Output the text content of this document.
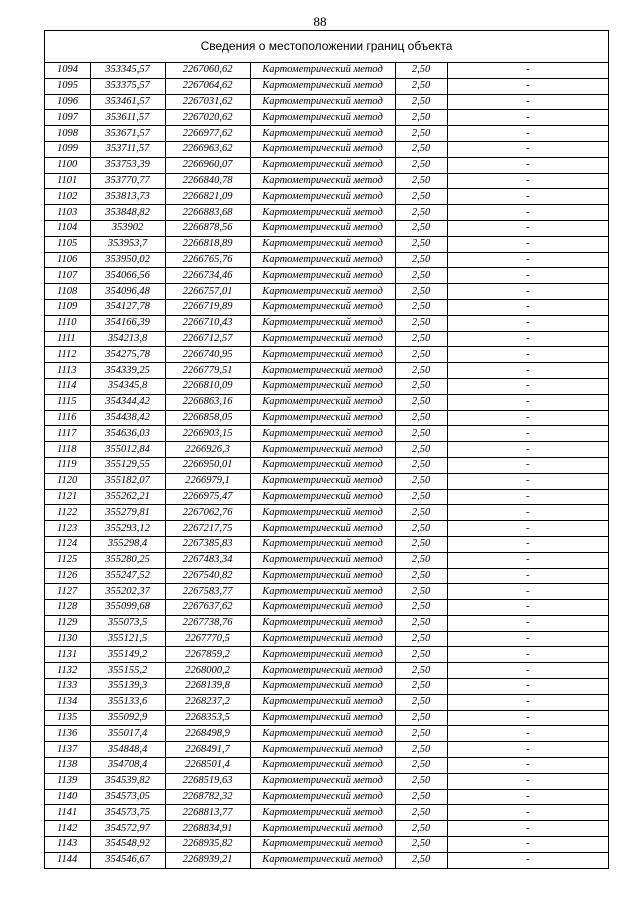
88
Сведения о местоположении границ объекта
1094	353345,57	2267060,62	Картометрический метод	2,50	-
1095	353375,57	2267064,62	Картометрический метод	2,50	-
1096	353461,57	2267031,62	Картометрический метод	2,50	-
1097	353611,57	2267020,62	Картометрический метод	2,50	-
1098	353671,57	2266977,62	Картометрический метод	2,50	-
1099	353711,57	2266963,62	Картометрический метод	2,50	-
1100	353753,39	2266960,07	Картометрический метод	2,50	-
1101	353770,77	2266840,78	Картометрический метод	2,50	-
1102	353813,73	2266821,09	Картометрический метод	2,50	-
1103	353848,82	2266883,68	Картометрический метод	2,50	-
1104	353902	2266878,56	Картометрический метод	2,50	-
1105	353953,7	2266818,89	Картометрический метод	2,50	-
1106	353950,02	2266765,76	Картометрический метод	2,50	-
1107	354066,56	2266734,46	Картометрический метод	2,50	-
1108	354096,48	2266757,01	Картометрический метод	2,50	-
1109	354127,78	2266719,89	Картометрический метод	2,50	-
1110	354166,39	2266710,43	Картометрический метод	2,50	-
1111	354213,8	2266712,57	Картометрический метод	2,50	-
1112	354275,78	2266740,95	Картометрический метод	2,50	-
1113	354339,25	2266779,51	Картометрический метод	2,50	-
1114	354345,8	2266810,09	Картометрический метод	2,50	-
1115	354344,42	2266863,16	Картометрический метод	2,50	-
1116	354438,42	2266858,05	Картометрический метод	2,50	-
1117	354636,03	2266903,15	Картометрический метод	2,50	-
1118	355012,84	2266926,3	Картометрический метод	2,50	-
1119	355129,55	2266950,01	Картометрический метод	2,50	-
1120	355182,07	2266979,1	Картометрический метод	2,50	-
1121	355262,21	2266975,47	Картометрический метод	2,50	-
1122	355279,81	2267062,76	Картометрический метод	2,50	-
1123	355293,12	2267217,75	Картометрический метод	2,50	-
1124	355298,4	2267385,83	Картометрический метод	2,50	-
1125	355280,25	2267483,34	Картометрический метод	2,50	-
1126	355247,52	2267540,82	Картометрический метод	2,50	-
1127	355202,37	2267583,77	Картометрический метод	2,50	-
1128	355099,68	2267637,62	Картометрический метод	2,50	-
1129	355073,5	2267738,76	Картометрический метод	2,50	-
1130	355121,5	2267770,5	Картометрический метод	2,50	-
1131	355149,2	2267859,2	Картометрический метод	2,50	-
1132	355155,2	2268000,2	Картометрический метод	2,50	-
1133	355139,3	2268139,8	Картометрический метод	2,50	-
1134	355133,6	2268237,2	Картометрический метод	2,50	-
1135	355092,9	2268353,5	Картометрический метод	2,50	-
1136	355017,4	2268498,9	Картометрический метод	2,50	-
1137	354848,4	2268491,7	Картометрический метод	2,50	-
1138	354708,4	2268501,4	Картометрический метод	2,50	-
1139	354539,82	2268519,63	Картометрический метод	2,50	-
1140	354573,05	2268782,32	Картометрический метод	2,50	-
1141	354573,75	2268813,77	Картометрический метод	2,50	-
1142	354572,97	2268834,91	Картометрический метод	2,50	-
1143	354548,92	2268935,82	Картометрический метод	2,50	-
1144	354546,67	2268939,21	Картометрический метод	2,50	-
